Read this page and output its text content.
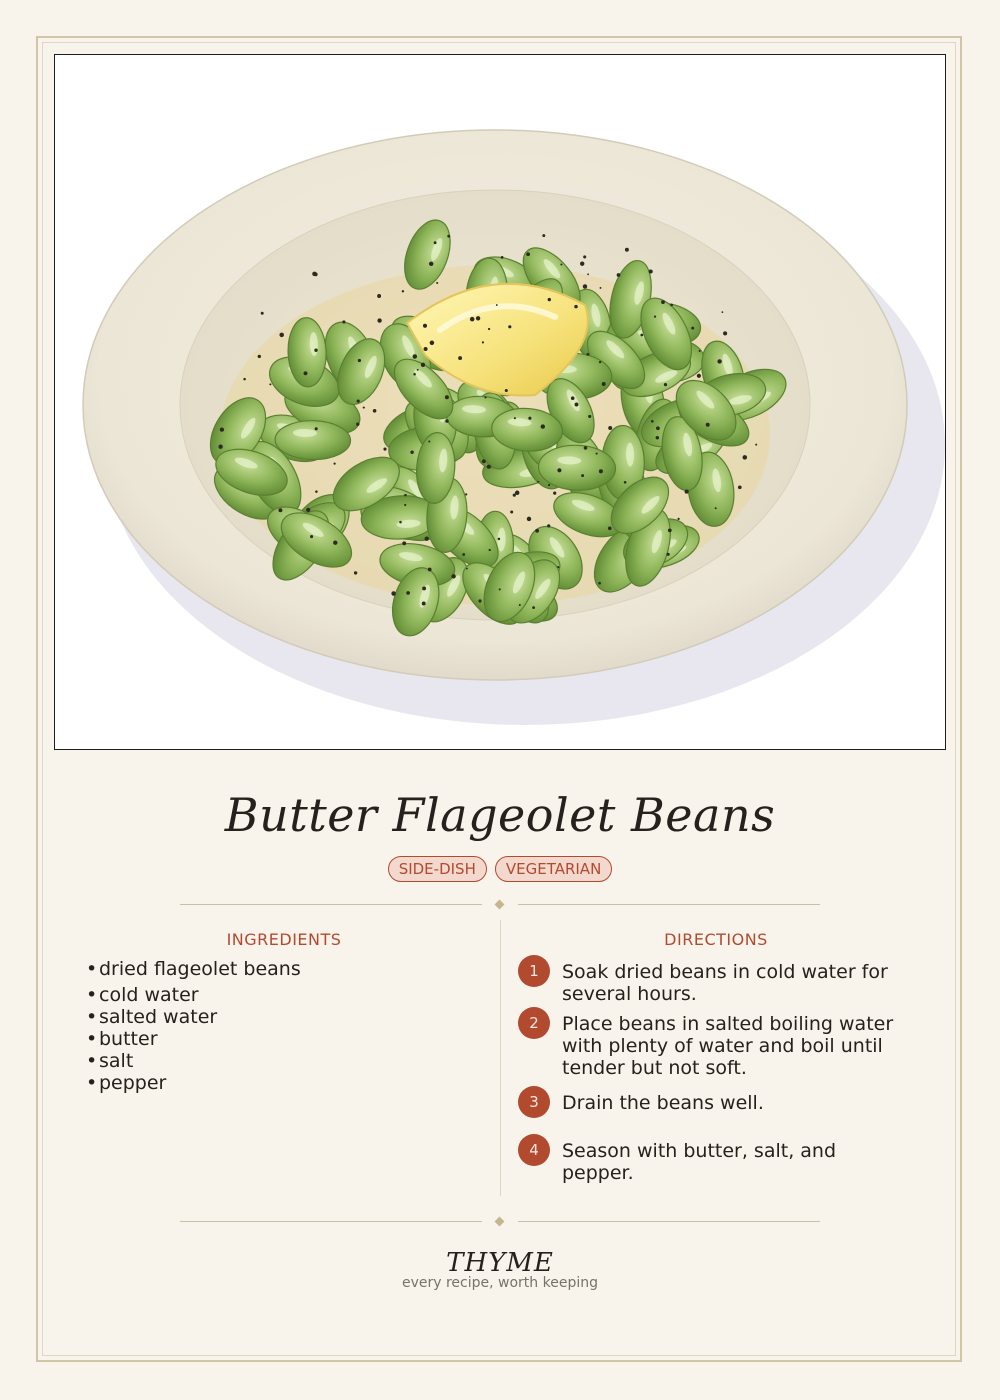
Butter Flageolet Beans
SIDE-DISH	VEGETARIAN
INGREDIENTS	DIRECTIONS
•dried flageolet beans
•cold water
•salted water
•butter
•salt
•pepper
1	Soak dried beans in cold water for several hours.
2	Place beans in salted boiling water with plenty of water and boil until tender but not soft.
3	Drain the beans well.
4	Season with butter, salt, and pepper.
THYME
every recipe, worth keeping
